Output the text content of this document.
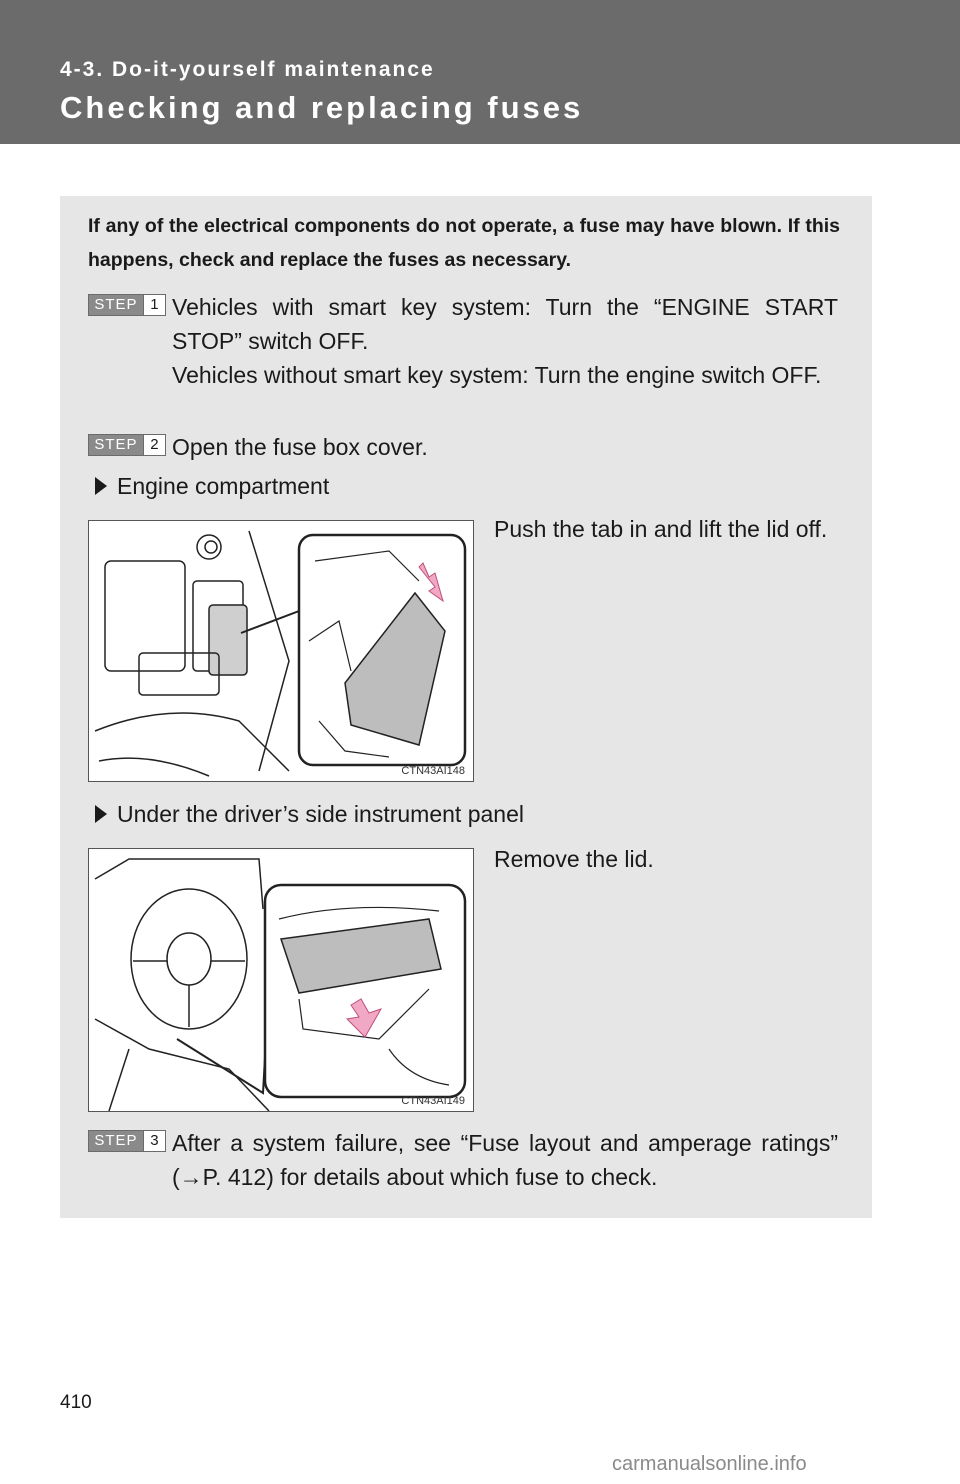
4-3. Do-it-yourself maintenance
Checking and replacing fuses
If any of the electrical components do not operate, a fuse may have blown. If this happens, check and replace the fuses as necessary.
STEP 1 Vehicles with smart key system: Turn the “ENGINE START STOP” switch OFF.
Vehicles without smart key system: Turn the engine switch OFF.
STEP 2 Open the fuse box cover.
Engine compartment
CTN43AI148
Push the tab in and lift the lid off.
Under the driver’s side instrument panel
CTN43AI149
Remove the lid.
STEP 3 After a system failure, see “Fuse layout and amperage ratings” (→P. 412) for details about which fuse to check.
410
carmanualsonline.info
